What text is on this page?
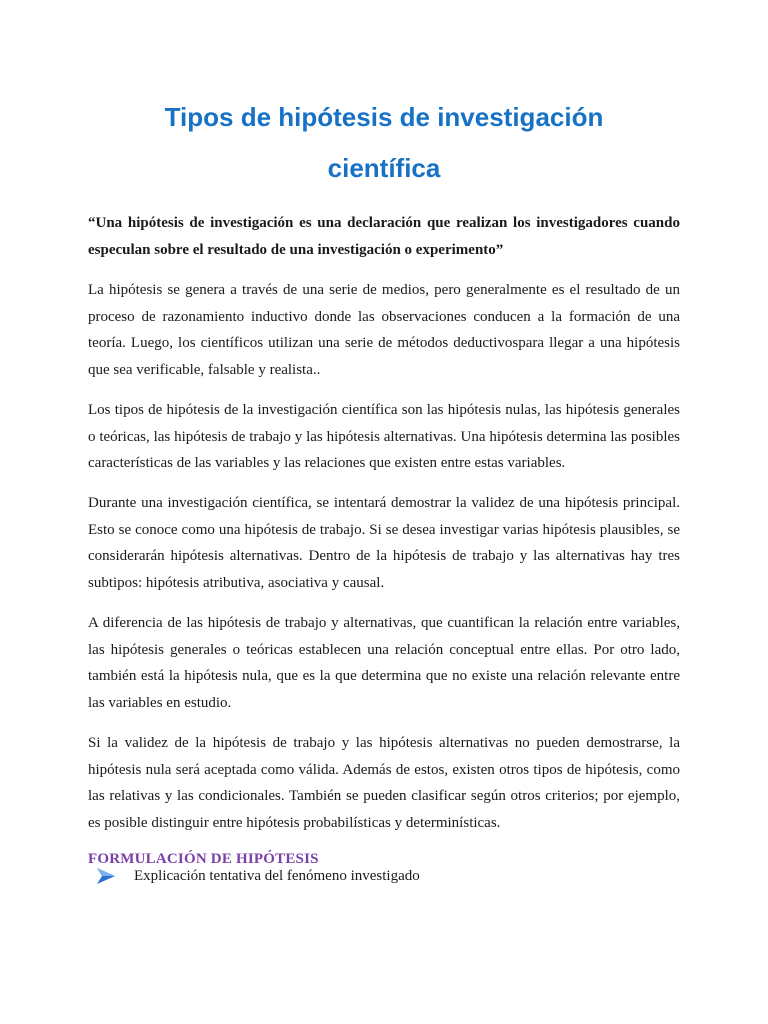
Tipos de hipótesis de investigación
científica

“Una hipótesis de investigación es una declaración que realizan los investigadores cuando especulan sobre el resultado de una investigación o experimento”

La hipótesis se genera a través de una serie de medios, pero generalmente es el resultado de un proceso de razonamiento inductivo donde las observaciones conducen a la formación de una teoría. Luego, los científicos utilizan una serie de métodos deductivospara llegar a una hipótesis que sea verificable, falsable y realista..

Los tipos de hipótesis de la investigación científica son las hipótesis nulas, las hipótesis generales o teóricas, las hipótesis de trabajo y las hipótesis alternativas. Una hipótesis determina las posibles características de las variables y las relaciones que existen entre estas variables.

Durante una investigación científica, se intentará demostrar la validez de una hipótesis principal. Esto se conoce como una hipótesis de trabajo. Si se desea investigar varias hipótesis plausibles, se considerarán hipótesis alternativas. Dentro de la hipótesis de trabajo y las alternativas hay tres subtipos: hipótesis atributiva, asociativa y causal.

A diferencia de las hipótesis de trabajo y alternativas, que cuantifican la relación entre variables, las hipótesis generales o teóricas establecen una relación conceptual entre ellas. Por otro lado, también está la hipótesis nula, que es la que determina que no existe una relación relevante entre las variables en estudio.

Si la validez de la hipótesis de trabajo y las hipótesis alternativas no pueden demostrarse, la hipótesis nula será aceptada como válida. Además de estos, existen otros tipos de hipótesis, como las relativas y las condicionales. También se pueden clasificar según otros criterios; por ejemplo, es posible distinguir entre hipótesis probabilísticas y determinísticas.

FORMULACIÓN DE HIPÓTESIS
Explicación tentativa del fenómeno investigado
